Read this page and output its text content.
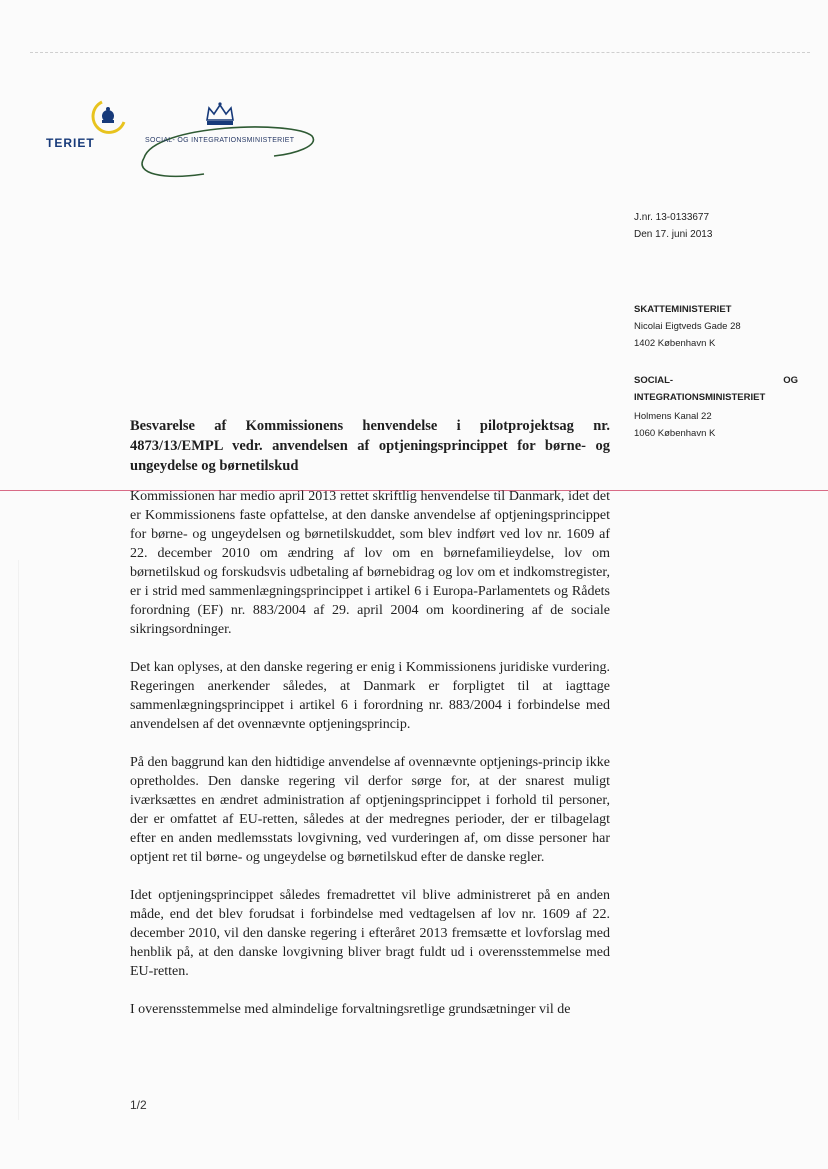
TERIET	SOCIAL- OG INTEGRATIONSMINISTERIET
J.nr. 13-0133677
Den 17. juni 2013
SKATTEMINISTERIET
Nicolai Eigtveds Gade 28
1402 København K
SOCIAL-	OG
INTEGRATIONSMINISTERIET
Holmens Kanal 22
1060 København K
Besvarelse af Kommissionens henvendelse i pilotprojektsag nr. 4873/13/EMPL vedr. anvendelsen af optjeningsprincippet for børne- og ungeydelse og børnetilskud

Kommissionen har medio april 2013 rettet skriftlig henvendelse til Danmark, idet det er Kommissionens faste opfattelse, at den danske anvendelse af optjeningsprincippet for børne- og ungeydelsen og børnetilskuddet, som blev indført ved lov nr. 1609 af 22. december 2010 om ændring af lov om en børnefamilieydelse, lov om børnetilskud og forskudsvis udbetaling af børnebidrag og lov om et indkomstregister, er i strid med sammenlægningsprincippet i artikel 6 i Europa-Parlamentets og Rådets forordning (EF) nr. 883/2004 af 29. april 2004 om koordinering af de sociale sikringsordninger.

Det kan oplyses, at den danske regering er enig i Kommissionens juridiske vurdering. Regeringen anerkender således, at Danmark er forpligtet til at iagttage sammenlægningsprincippet i artikel 6 i forordning nr. 883/2004 i forbindelse med anvendelsen af det ovennævnte optjeningsprincip.

På den baggrund kan den hidtidige anvendelse af ovennævnte optjenings-princip ikke opretholdes. Den danske regering vil derfor sørge for, at der snarest muligt iværksættes en ændret administration af optjeningsprincippet i forhold til personer, der er omfattet af EU-retten, således at der medregnes perioder, der er tilbagelagt efter en anden medlemsstats lovgivning, ved vurderingen af, om disse personer har optjent ret til børne- og ungeydelse og børnetilskud efter de danske regler.

Idet optjeningsprincippet således fremadrettet vil blive administreret på en anden måde, end det blev forudsat i forbindelse med vedtagelsen af lov nr. 1609 af 22. december 2010, vil den danske regering i efteråret 2013 fremsætte et lovforslag med henblik på, at den danske lovgivning bliver bragt fuldt ud i overensstemmelse med EU-retten.

I overensstemmelse med almindelige forvaltningsretlige grundsætninger vil de

1/2
